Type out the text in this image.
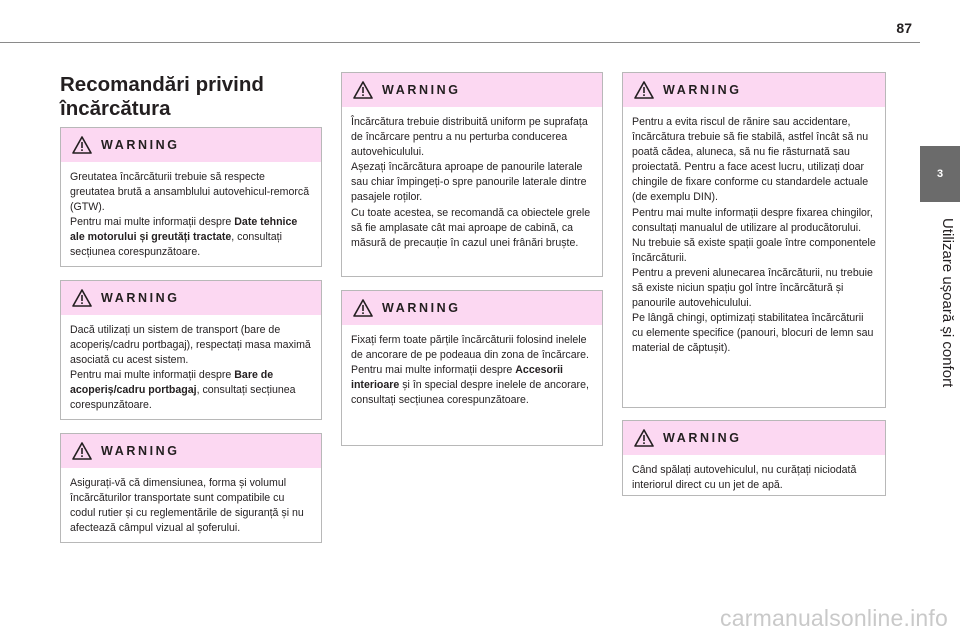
87
3
Utilizare ușoară și confort
Recomandări privind încărcătura
WARNING

Greutatea încărcăturii trebuie să respecte greutatea brută a ansamblului autovehicul-remorcă (GTW).

Pentru mai multe informații despre Date tehnice ale motorului și greutăți tractate, consultați secțiunea corespunzătoare.

WARNING

Dacă utilizați un sistem de transport (bare de acoperiș/cadru portbagaj), respectați masa maximă asociată cu acest sistem.

Pentru mai multe informații despre Bare de acoperiș/cadru portbagaj, consultați secțiunea corespunzătoare.

WARNING

Asigurați-vă că dimensiunea, forma și volumul încărcăturilor transportate sunt compatibile cu codul rutier și cu reglementările de siguranță și nu afectează câmpul vizual al șoferului.

WARNING

Încărcătura trebuie distribuită uniform pe suprafața de încărcare pentru a nu perturba conducerea autovehiculului.

Așezați încărcătura aproape de panourile laterale sau chiar împingeți-o spre panourile laterale dintre pasajele roților.

Cu toate acestea, se recomandă ca obiectele grele să fie amplasate cât mai aproape de cabină, ca măsură de precauție în cazul unei frânări bruște.

WARNING

Fixați ferm toate părțile încărcăturii folosind inelele de ancorare de pe podeaua din zona de încărcare.

Pentru mai multe informații despre Accesorii interioare și în special despre inelele de ancorare, consultați secțiunea corespunzătoare.

WARNING

Pentru a evita riscul de rănire sau accidentare, încărcătura trebuie să fie stabilă, astfel încât să nu poată cădea, aluneca, să nu fie răsturnată sau proiectată. Pentru a face acest lucru, utilizați doar chingile de fixare conforme cu standardele actuale (de exemplu DIN).

Pentru mai multe informații despre fixarea chingilor, consultați manualul de utilizare al producătorului.

Nu trebuie să existe spații goale între componentele încărcăturii.

Pentru a preveni alunecarea încărcăturii, nu trebuie să existe niciun spațiu gol între încărcătură și panourile autovehiculului.

Pe lângă chingi, optimizați stabilitatea încărcăturii cu elemente specifice (panouri, blocuri de lemn sau material de căptușit).

WARNING

Când spălați autovehiculul, nu curățați niciodată interiorul direct cu un jet de apă.

carmanualsonline.info
